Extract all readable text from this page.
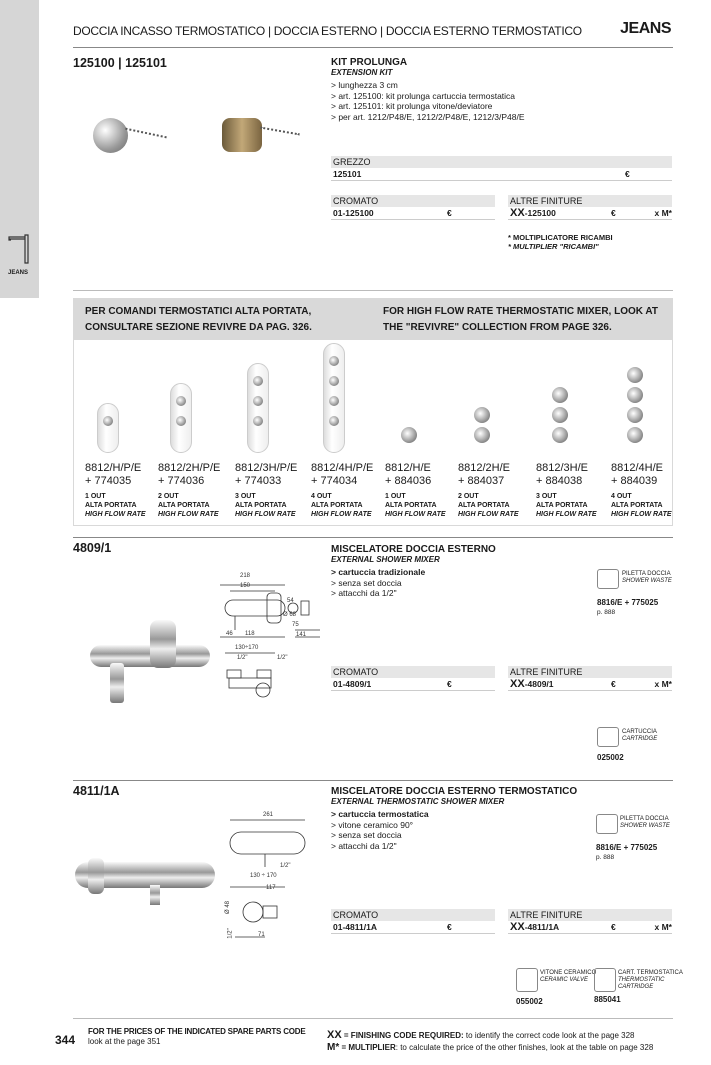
JEANS
DOCCIA INCASSO TERMOSTATICO | DOCCIA ESTERNO | DOCCIA ESTERNO TERMOSTATICO	JEANS
125100 | 125101	KIT PROLUNGA
EXTENSION KIT
> lunghezza 3 cm
> art. 125100: kit prolunga cartuccia termostatica
> art. 125101: kit prolunga vitone/deviatore
> per art. 1212/P48/E, 1212/2/P48/E, 1212/3/P48/E
GREZZO
125101	€
CROMATO
01-125100	€
ALTRE FINITURE
XX-125100	€	x M*
* MOLTIPLICATORE RICAMBI
* MULTIPLIER "RICAMBI"
PER COMANDI TERMOSTATICI ALTA PORTATA, CONSULTARE SEZIONE REVIVRE DA PAG. 326.
FOR HIGH FLOW RATE THERMOSTATIC MIXER, LOOK AT THE "REVIVRE" COLLECTION FROM PAGE 326.
8812/H/P/E
+ 774035
1 OUT
ALTA PORTATA
HIGH FLOW RATE
8812/2H/P/E
+ 774036
2 OUT
ALTA PORTATA
HIGH FLOW RATE
8812/3H/P/E
+ 774033
3 OUT
ALTA PORTATA
HIGH FLOW RATE
8812/4H/P/E
+ 774034
4 OUT
ALTA PORTATA
HIGH FLOW RATE
8812/H/E
+ 884036
1 OUT
ALTA PORTATA
HIGH FLOW RATE
8812/2H/E
+ 884037
2 OUT
ALTA PORTATA
HIGH FLOW RATE
8812/3H/E
+ 884038
3 OUT
ALTA PORTATA
HIGH FLOW RATE
8812/4H/E
+ 884039
4 OUT
ALTA PORTATA
HIGH FLOW RATE
4809/1
218
150
54
Ø 68
46 118
75
141
130÷170
1/2"	1/2"
MISCELATORE DOCCIA ESTERNO
EXTERNAL SHOWER MIXER
> cartuccia tradizionale
> senza set doccia
> attacchi da 1/2"
PILETTA DOCCIA
SHOWER WASTE
8816/E + 775025
p. 888
CROMATO
01-4809/1	€
ALTRE FINITURE
XX-4809/1	€	x M*
CARTUCCIA
CARTRIDGE
025002
4811/1A
261
1/2"
130 ÷ 170
117
Ø 48
1/2"	71
MISCELATORE DOCCIA ESTERNO TERMOSTATICO
EXTERNAL THERMOSTATIC SHOWER MIXER
> cartuccia termostatica
> vitone ceramico 90°
> senza set doccia
> attacchi da 1/2"
PILETTA DOCCIA
SHOWER WASTE
8816/E + 775025
p. 888
CROMATO
01-4811/1A	€
ALTRE FINITURE
XX-4811/1A	€	x M*
VITONE CERAMICO
CERAMIC VALVE
055002
CART. TERMOSTATICA
THERMOSTATIC
CARTRIDGE
885041
344
FOR THE PRICES OF THE INDICATED SPARE PARTS CODE
look at the page 351
XX = FINISHING CODE REQUIRED: to identify the correct code look at the page 328
M* = MULTIPLIER: to calculate the price of the other finishes, look at the table on page 328
